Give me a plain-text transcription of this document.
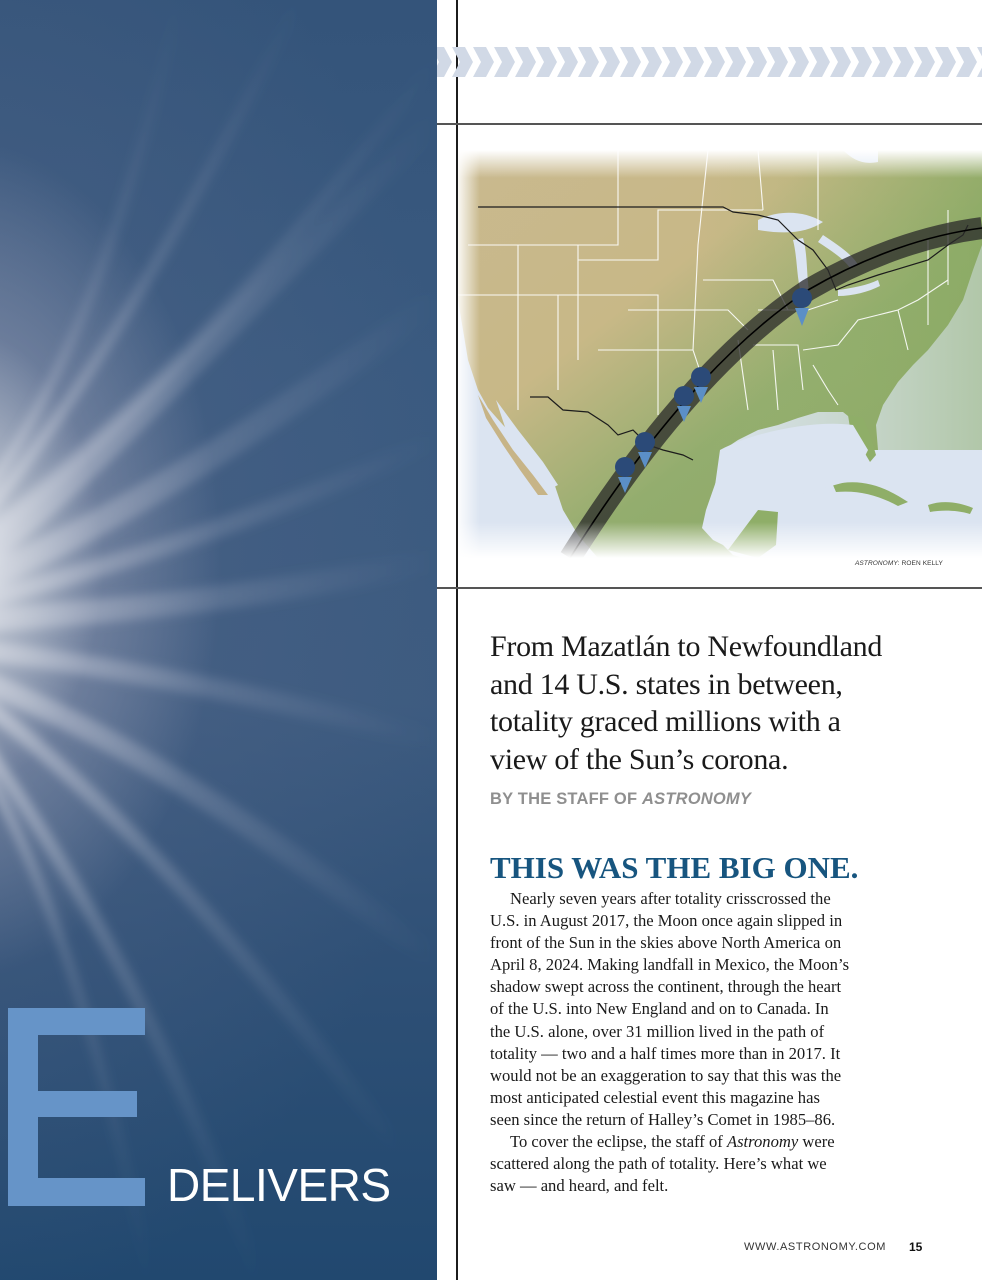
DELIVERS
ASTRONOMY: ROEN KELLY
From Mazatlán to Newfoundland
and 14 U.S. states in between,
totality graced millions with a
view of the Sun’s corona.
BY THE STAFF OF ASTRONOMY
THIS WAS THE BIG ONE.
Nearly seven years after totality crisscrossed the
U.S. in August 2017, the Moon once again slipped in
front of the Sun in the skies above North America on
April 8, 2024. Making landfall in Mexico, the Moon’s
shadow swept across the continent, through the heart
of the U.S. into New England and on to Canada. In
the U.S. alone, over 31 million lived in the path of
totality — two and a half times more than in 2017. It
would not be an exaggeration to say that this was the
most anticipated celestial event this magazine has
seen since the return of Halley’s Comet in 1985–86.
To cover the eclipse, the staff of Astronomy were
scattered along the path of totality. Here’s what we
saw — and heard, and felt.
WWW.ASTRONOMY.COM 15
